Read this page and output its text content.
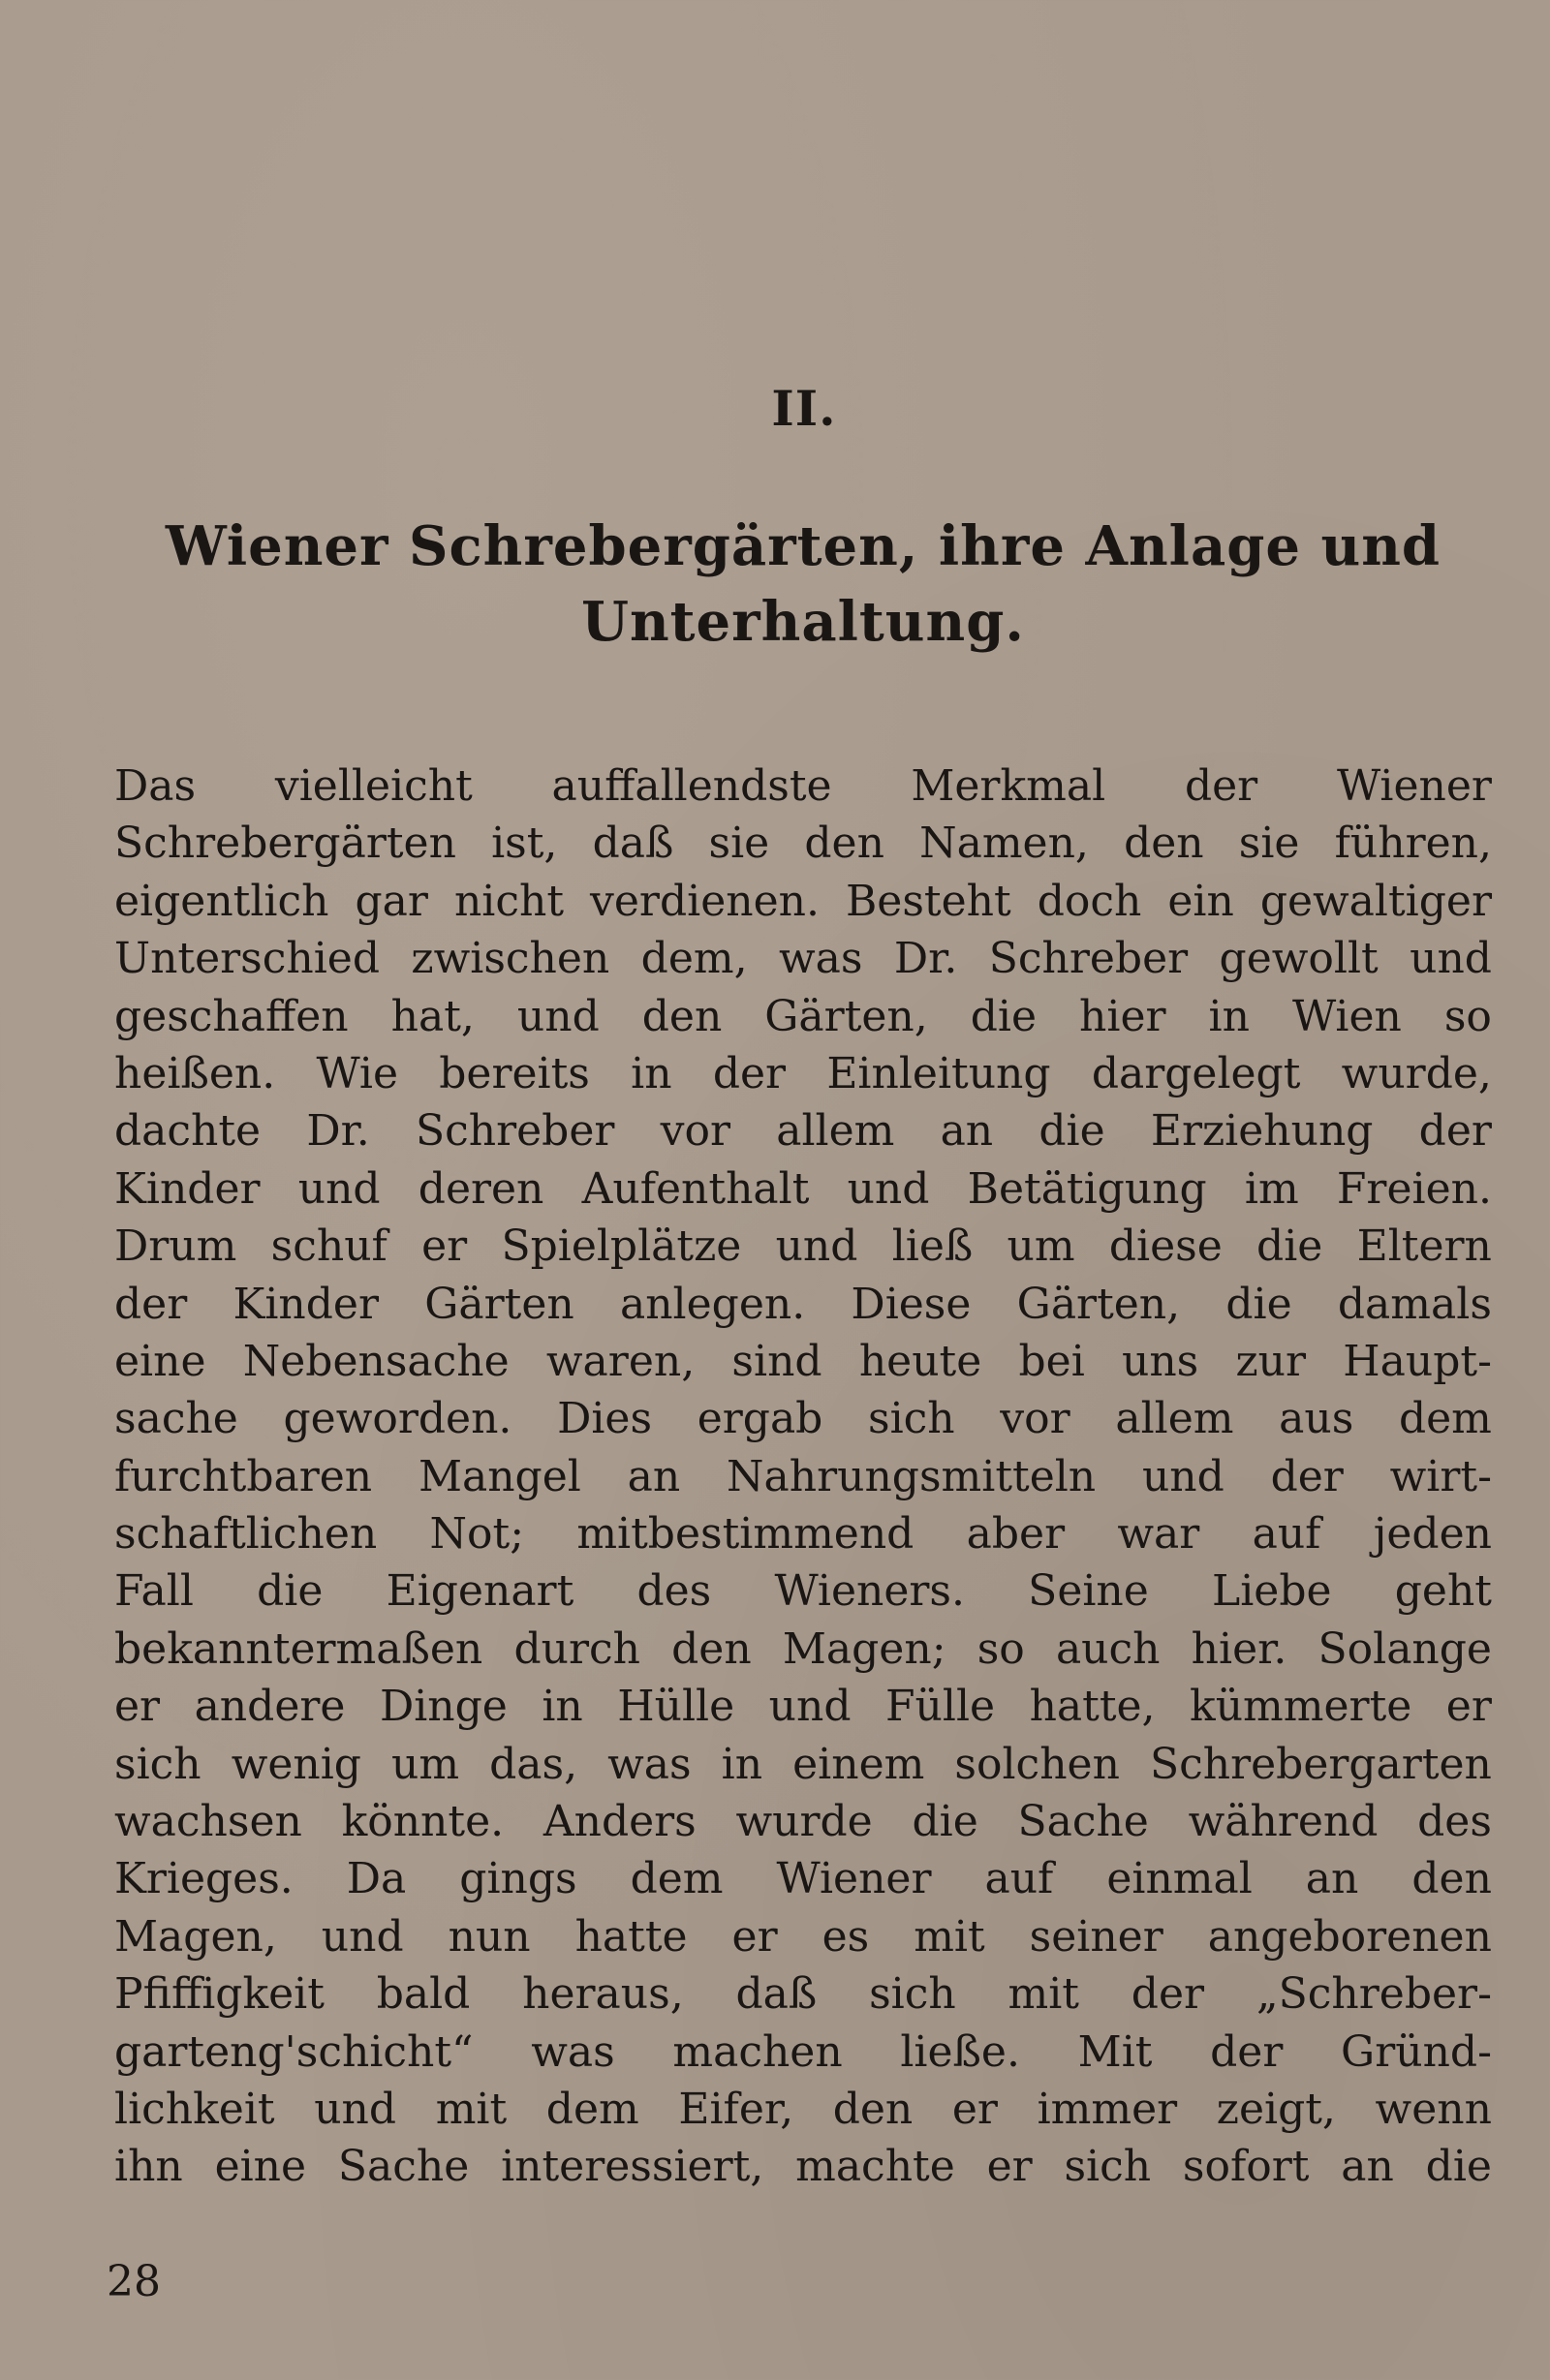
II.
Wiener Schrebergärten, ihre Anlage und Unterhaltung.
Das vielleicht auffallendste Merkmal der Wiener
Schrebergärten ist, daß sie den Namen, den sie führen,
eigentlich gar nicht verdienen. Besteht doch ein gewaltiger
Unterschied zwischen dem, was Dr. Schreber gewollt und
geschaffen hat, und den Gärten, die hier in Wien so
heißen. Wie bereits in der Einleitung dargelegt wurde,
dachte Dr. Schreber vor allem an die Erziehung der
Kinder und deren Aufenthalt und Betätigung im Freien.
Drum schuf er Spielplätze und ließ um diese die Eltern
der Kinder Gärten anlegen. Diese Gärten, die damals
eine Nebensache waren, sind heute bei uns zur Haupt-
sache geworden. Dies ergab sich vor allem aus dem
furchtbaren Mangel an Nahrungsmitteln und der wirt-
schaftlichen Not; mitbestimmend aber war auf jeden
Fall die Eigenart des Wieners. Seine Liebe geht
bekanntermaßen durch den Magen; so auch hier. Solange
er andere Dinge in Hülle und Fülle hatte, kümmerte er
sich wenig um das, was in einem solchen Schrebergarten
wachsen könnte. Anders wurde die Sache während des
Krieges. Da gings dem Wiener auf einmal an den
Magen, und nun hatte er es mit seiner angeborenen
Pfiffigkeit bald heraus, daß sich mit der „Schreber-
garteng'schicht“ was machen ließe. Mit der Gründ-
lichkeit und mit dem Eifer, den er immer zeigt, wenn
ihn eine Sache interessiert, machte er sich sofort an die
28
